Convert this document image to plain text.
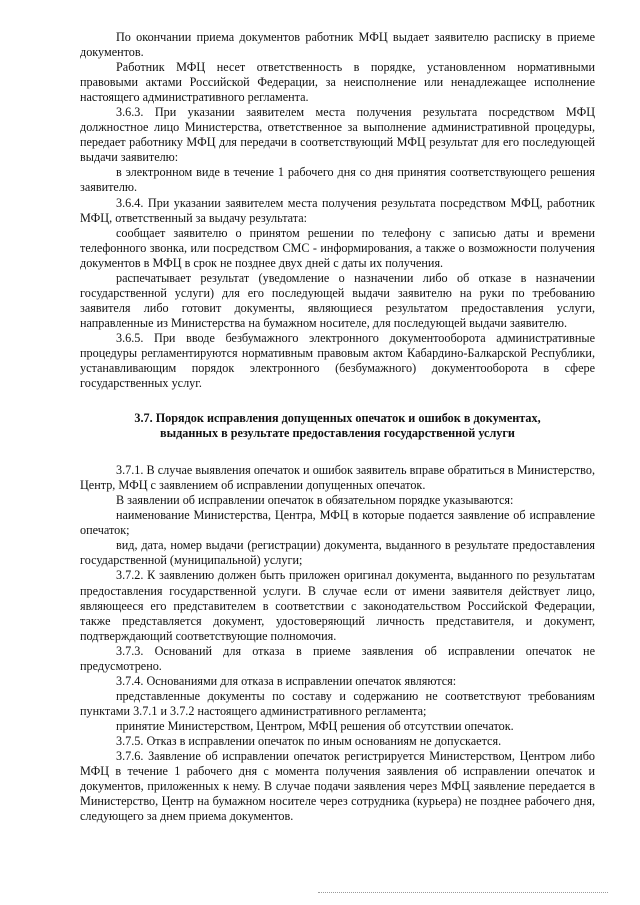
По окончании приема документов работник МФЦ выдает заявителю расписку в приеме документов.

Работник МФЦ несет ответственность в порядке, установленном нормативными правовыми актами Российской Федерации, за неисполнение или ненадлежащее исполнение настоящего административного регламента.

3.6.3. При указании заявителем места получения результата посредством МФЦ должностное лицо Министерства, ответственное за выполнение административной процедуры, передает работнику МФЦ для передачи в соответствующий МФЦ результат для его последующей выдачи заявителю:

в электронном виде в течение 1 рабочего дня со дня принятия соответствующего решения заявителю.

3.6.4. При указании заявителем места получения результата посредством МФЦ, работник МФЦ, ответственный за выдачу результата:

сообщает заявителю о принятом решении по телефону с записью даты и времени телефонного звонка, или посредством СМС - информирования, а также о возможности получения документов в МФЦ в срок не позднее двух дней с даты их получения.

распечатывает результат (уведомление о назначении либо об отказе в назначении государственной услуги) для его последующей выдачи заявителю на руки по требованию заявителя либо готовит документы, являющиеся результатом предоставления услуги, направленные из Министерства на бумажном носителе, для последующей выдачи заявителю.

3.6.5. При вводе безбумажного электронного документооборота административные процедуры регламентируются нормативным правовым актом Кабардино-Балкарской Республики, устанавливающим порядок электронного (безбумажного) документооборота в сфере государственных услуг.

3.7. Порядок исправления допущенных опечаток и ошибок в документах,
выданных в результате предоставления государственной услуги

3.7.1. В случае выявления опечаток и ошибок заявитель вправе обратиться в Министерство, Центр, МФЦ с заявлением об исправлении допущенных опечаток.

В заявлении об исправлении опечаток в обязательном порядке указываются:

наименование Министерства, Центра, МФЦ в которые подается заявление об исправление опечаток;

вид, дата, номер выдачи (регистрации) документа, выданного в результате предоставления государственной (муниципальной) услуги;

3.7.2. К заявлению должен быть приложен оригинал документа, выданного по результатам предоставления государственной услуги. В случае если от имени заявителя действует лицо, являющееся его представителем в соответствии с законодательством Российской Федерации, также представляется документ, удостоверяющий личность представителя, и документ, подтверждающий соответствующие полномочия.

3.7.3. Оснований для отказа в приеме заявления об исправлении опечаток не предусмотрено.

3.7.4. Основаниями для отказа в исправлении опечаток являются:

представленные документы по составу и содержанию не соответствуют требованиям пунктами 3.7.1 и 3.7.2 настоящего административного регламента;

принятие Министерством, Центром, МФЦ решения об отсутствии опечаток.

3.7.5. Отказ в исправлении опечаток по иным основаниям не допускается.

3.7.6. Заявление об исправлении опечаток регистрируется Министерством, Центром либо МФЦ в течение 1 рабочего дня с момента получения заявления об исправлении опечаток и документов, приложенных к нему. В случае подачи заявления через МФЦ заявление передается в Министерство, Центр на бумажном носителе через сотрудника (курьера) не позднее рабочего дня, следующего за днем приема документов.
